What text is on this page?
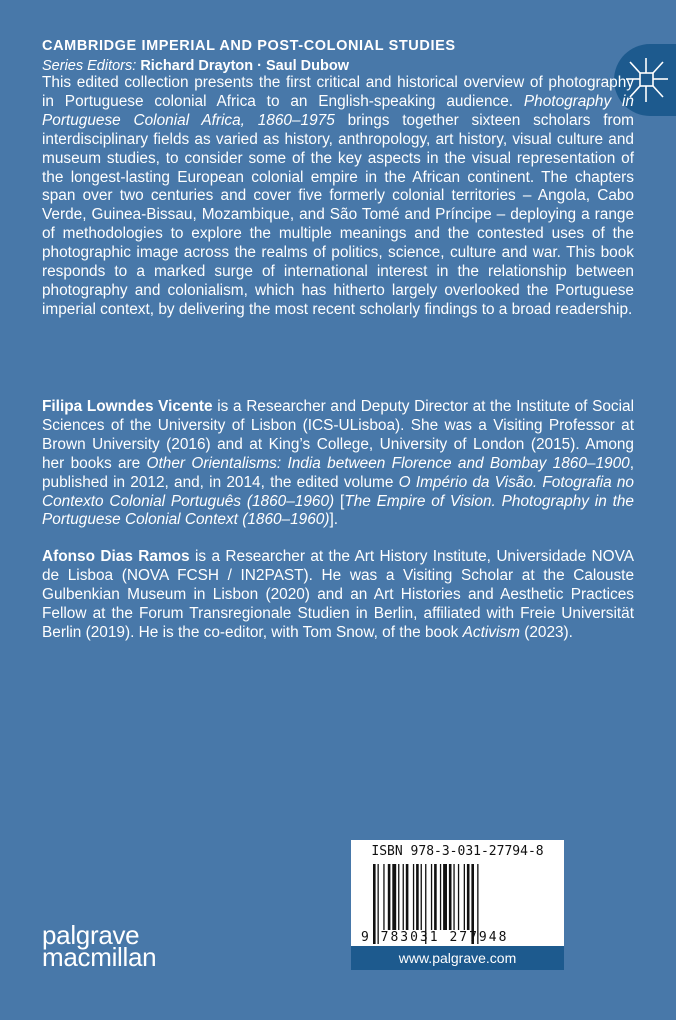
CAMBRIDGE IMPERIAL AND POST-COLONIAL STUDIES
Series Editors: Richard Drayton · Saul Dubow
This edited collection presents the first critical and historical overview of photography in Portuguese colonial Africa to an English-speaking audience. Photography in Portuguese Colonial Africa, 1860–1975 brings together sixteen scholars from interdisciplinary fields as varied as history, anthropology, art history, visual culture and museum studies, to consider some of the key aspects in the visual representation of the longest-lasting European colonial empire in the African continent. The chapters span over two centuries and cover five formerly colonial territories – Angola, Cabo Verde, Guinea-Bissau, Mozambique, and São Tomé and Príncipe – deploying a range of methodologies to explore the multiple meanings and the contested uses of the photographic image across the realms of politics, science, culture and war. This book responds to a marked surge of international interest in the relationship between photography and colonialism, which has hitherto largely overlooked the Portuguese imperial context, by delivering the most recent scholarly findings to a broad readership.
Filipa Lowndes Vicente is a Researcher and Deputy Director at the Institute of Social Sciences of the University of Lisbon (ICS-ULisboa). She was a Visiting Professor at Brown University (2016) and at King’s College, University of London (2015). Among her books are Other Orientalisms: India between Florence and Bombay 1860–1900, published in 2012, and, in 2014, the edited volume O Império da Visão. Fotografia no Contexto Colonial Português (1860–1960) [The Empire of Vision. Photography in the Portuguese Colonial Context (1860–1960)].
Afonso Dias Ramos is a Researcher at the Art History Institute, Universidade NOVA de Lisboa (NOVA FCSH / IN2PAST). He was a Visiting Scholar at the Calouste Gulbenkian Museum in Lisbon (2020) and an Art Histories and Aesthetic Practices Fellow at the Forum Transregionale Studien in Berlin, affiliated with Freie Universität Berlin (2019). He is the co-editor, with Tom Snow, of the book Activism (2023).
palgrave
macmillan
ISBN 978-3-031-27794-8
9 783031 277948
www.palgrave.com
